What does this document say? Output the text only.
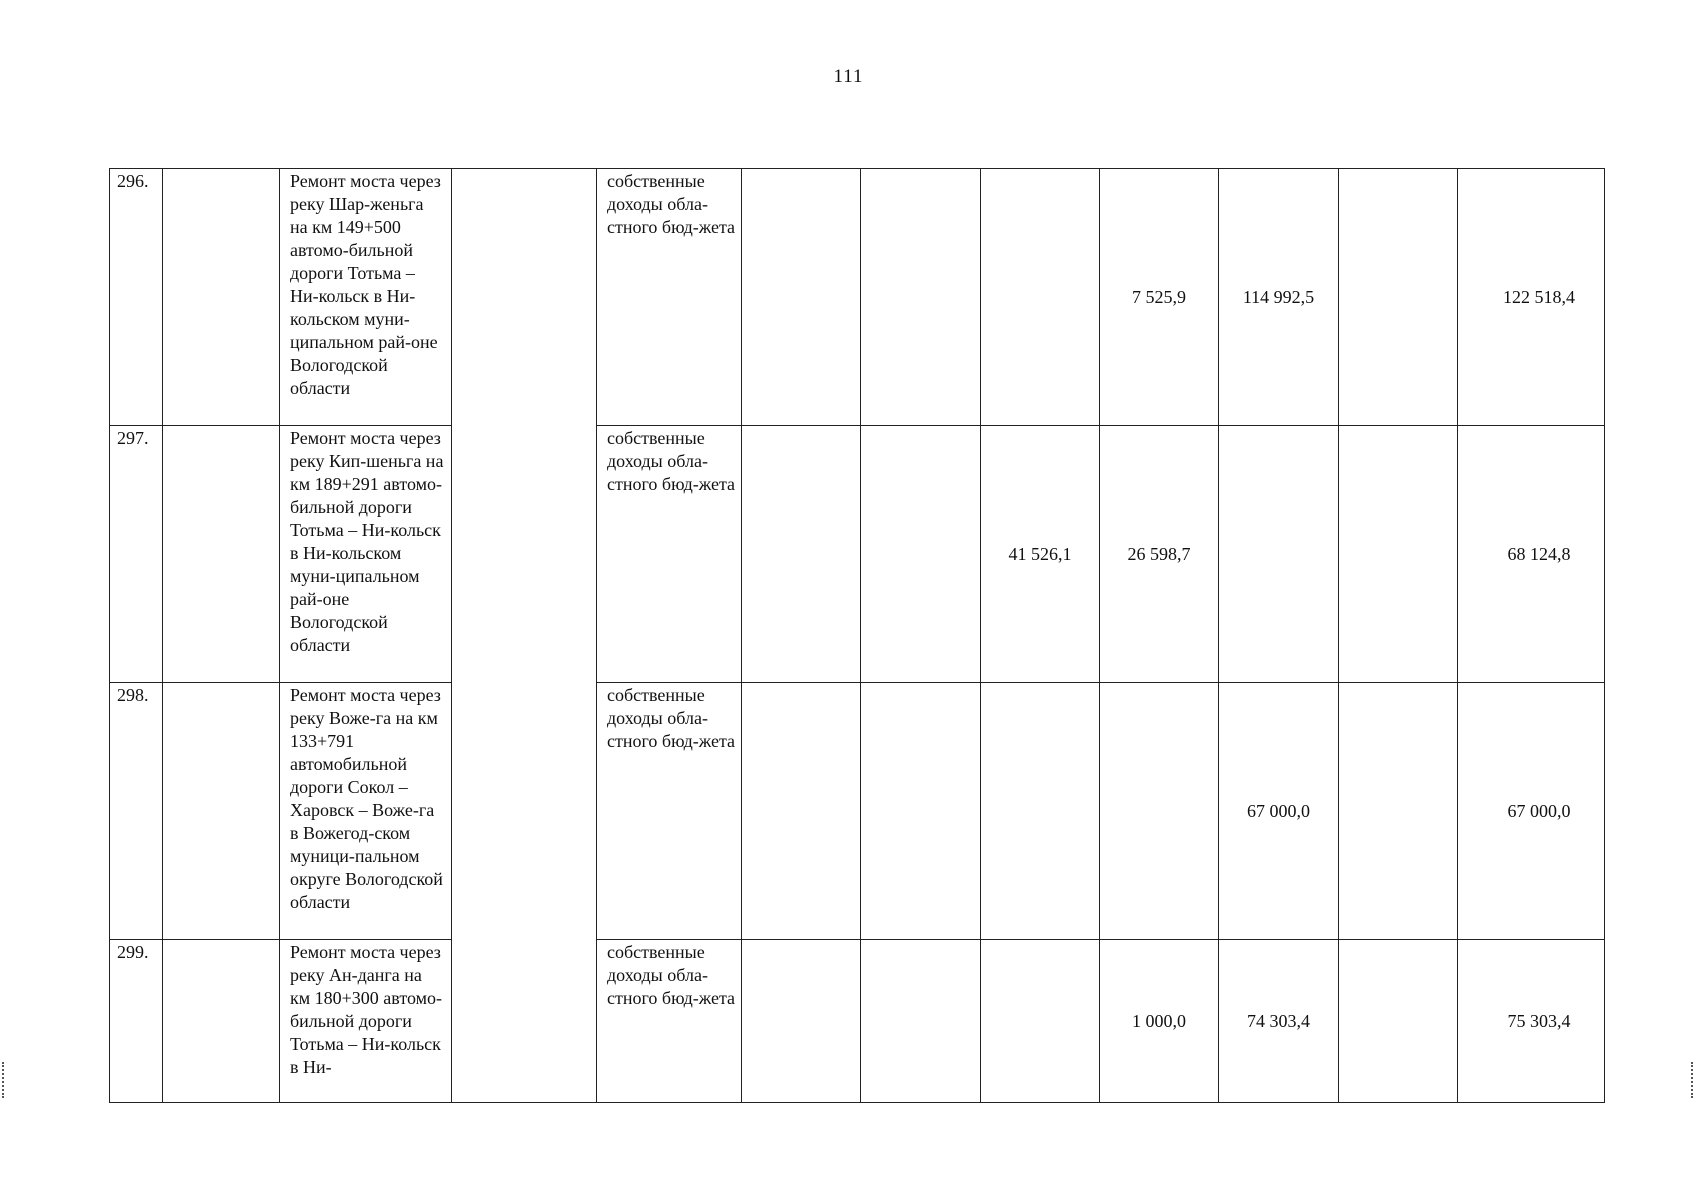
111
296.		Ремонт моста через реку Шар-женьга на км 149+500 автомо-бильной дороги Тотьма – Ни-кольск в Ни-кольском муни-ципальном рай-оне Вологодской области		собственные доходы обла-стного бюд-жета				7 525,9	114 992,5		122 518,4

297.		Ремонт моста через реку Кип-шеньга на км 189+291 автомо-бильной дороги Тотьма – Ни-кольск в Ни-кольском муни-ципальном рай-оне Вологодской области		собственные доходы обла-стного бюд-жета			41 526,1	26 598,7			68 124,8

298.		Ремонт моста через реку Воже-га на км 133+791 автомобильной дороги Сокол – Харовск – Воже-га в Вожегод-ском муници-пальном округе Вологодской области		собственные доходы обла-стного бюд-жета					67 000,0		67 000,0

299.		Ремонт моста через реку Ан-данга на км 180+300 автомо-бильной дороги Тотьма – Ни-кольск в Ни-		собственные доходы обла-стного бюд-жета				1 000,0	74 303,4		75 303,4
